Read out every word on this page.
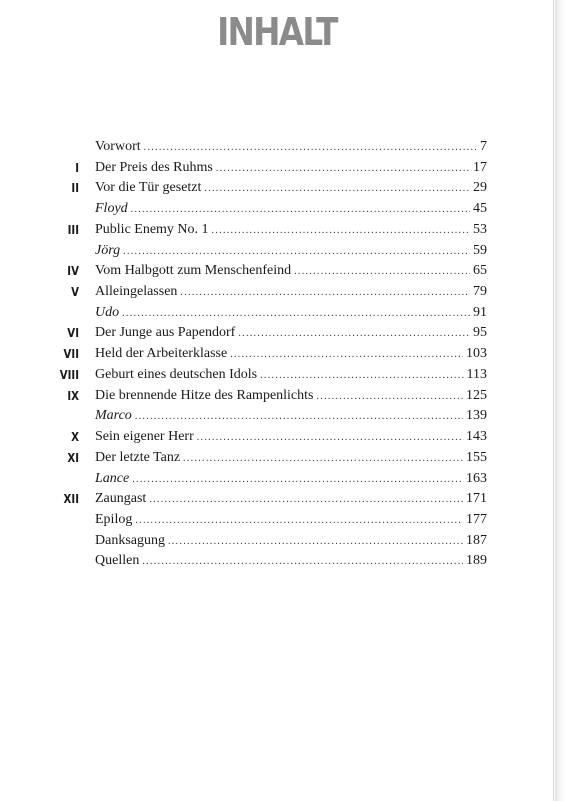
INHALT
Vorwort .....	7
I Der Preis des Ruhms .....	17
II Vor die Tür gesetzt .....	29
Floyd .....	45
III Public Enemy No. 1 .....	53
Jörg .....	59
IV Vom Halbgott zum Menschenfeind .....	65
V Alleingelassen .....	79
Udo .....	91
VI Der Junge aus Papendorf .....	95
VII Held der Arbeiterklasse .....	103
VIII Geburt eines deutschen Idols .....	113
IX Die brennende Hitze des Rampenlichts .....	125
Marco .....	139
X Sein eigener Herr .....	143
XI Der letzte Tanz .....	155
Lance .....	163
XII Zaungast .....	171
Epilog .....	177
Danksagung .....	187
Quellen .....	189
